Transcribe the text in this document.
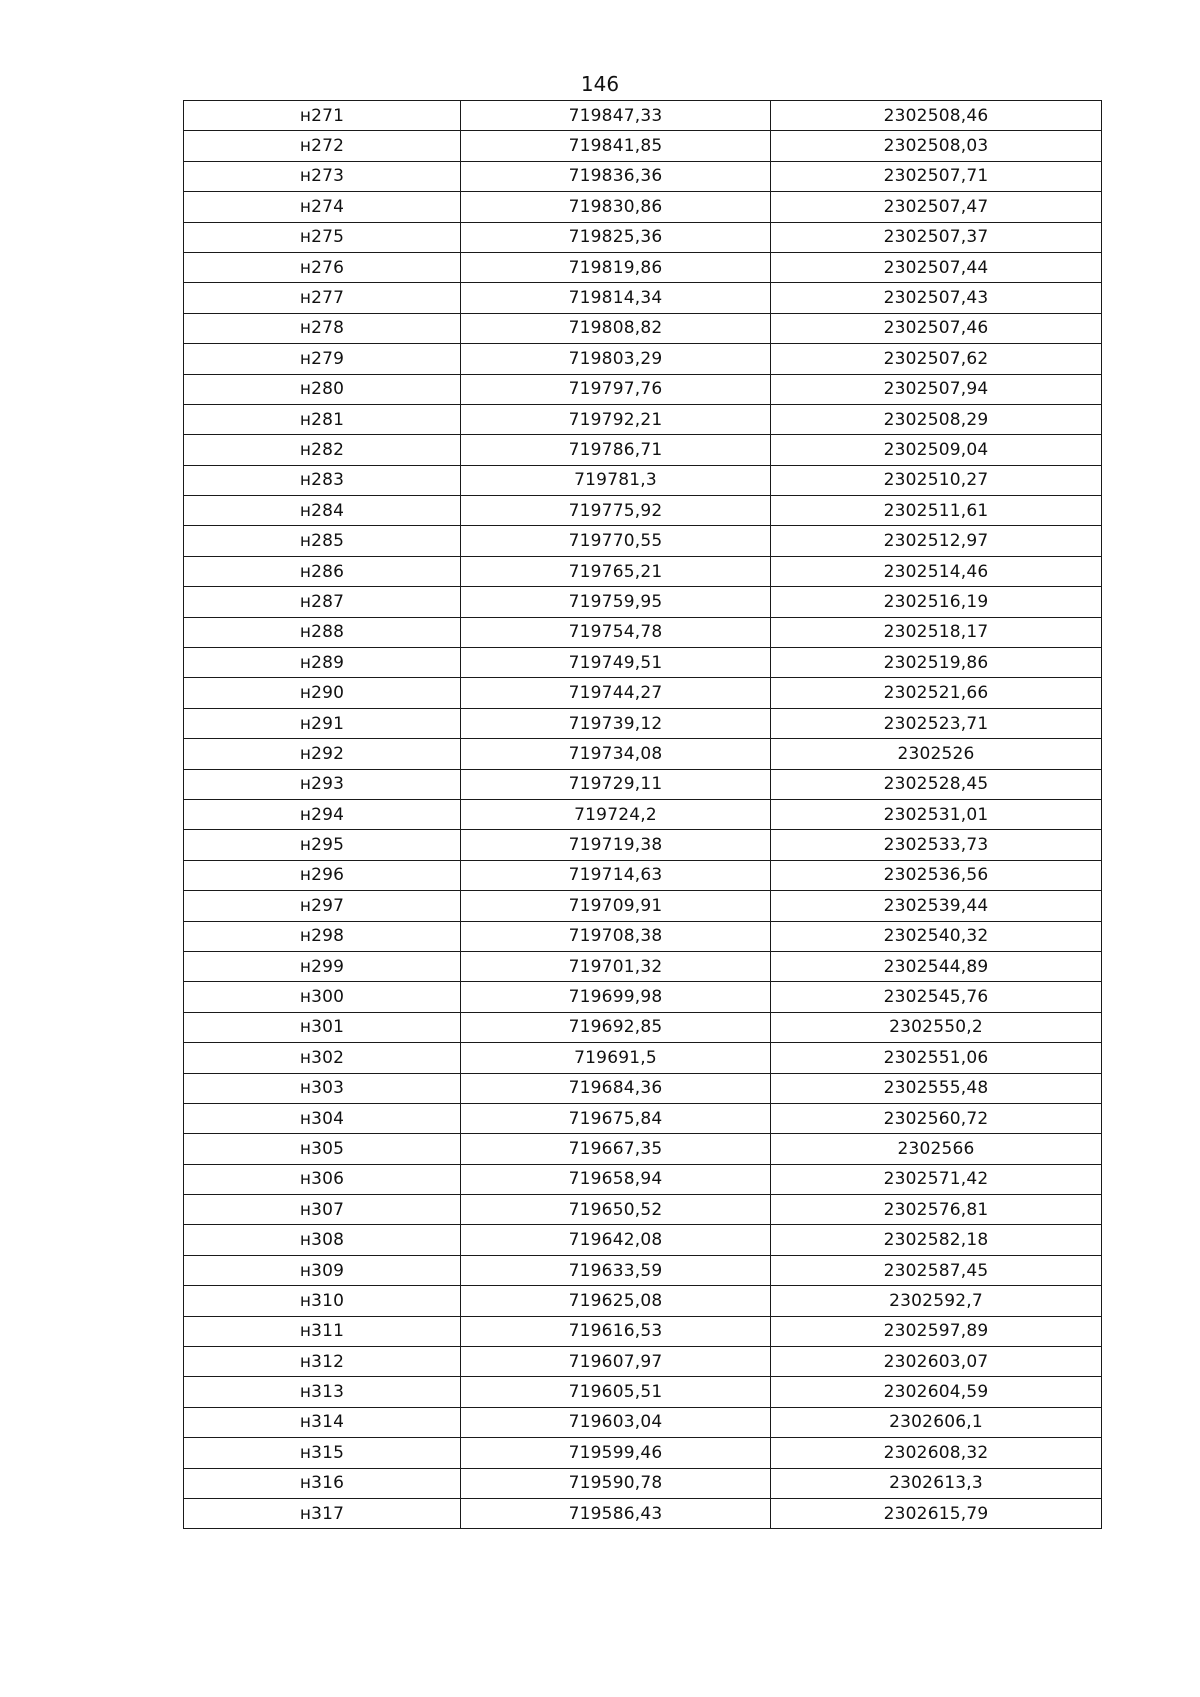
146
н271	719847,33	2302508,46
н272	719841,85	2302508,03
н273	719836,36	2302507,71
н274	719830,86	2302507,47
н275	719825,36	2302507,37
н276	719819,86	2302507,44
н277	719814,34	2302507,43
н278	719808,82	2302507,46
н279	719803,29	2302507,62
н280	719797,76	2302507,94
н281	719792,21	2302508,29
н282	719786,71	2302509,04
н283	719781,3	2302510,27
н284	719775,92	2302511,61
н285	719770,55	2302512,97
н286	719765,21	2302514,46
н287	719759,95	2302516,19
н288	719754,78	2302518,17
н289	719749,51	2302519,86
н290	719744,27	2302521,66
н291	719739,12	2302523,71
н292	719734,08	2302526
н293	719729,11	2302528,45
н294	719724,2	2302531,01
н295	719719,38	2302533,73
н296	719714,63	2302536,56
н297	719709,91	2302539,44
н298	719708,38	2302540,32
н299	719701,32	2302544,89
н300	719699,98	2302545,76
н301	719692,85	2302550,2
н302	719691,5	2302551,06
н303	719684,36	2302555,48
н304	719675,84	2302560,72
н305	719667,35	2302566
н306	719658,94	2302571,42
н307	719650,52	2302576,81
н308	719642,08	2302582,18
н309	719633,59	2302587,45
н310	719625,08	2302592,7
н311	719616,53	2302597,89
н312	719607,97	2302603,07
н313	719605,51	2302604,59
н314	719603,04	2302606,1
н315	719599,46	2302608,32
н316	719590,78	2302613,3
н317	719586,43	2302615,79
